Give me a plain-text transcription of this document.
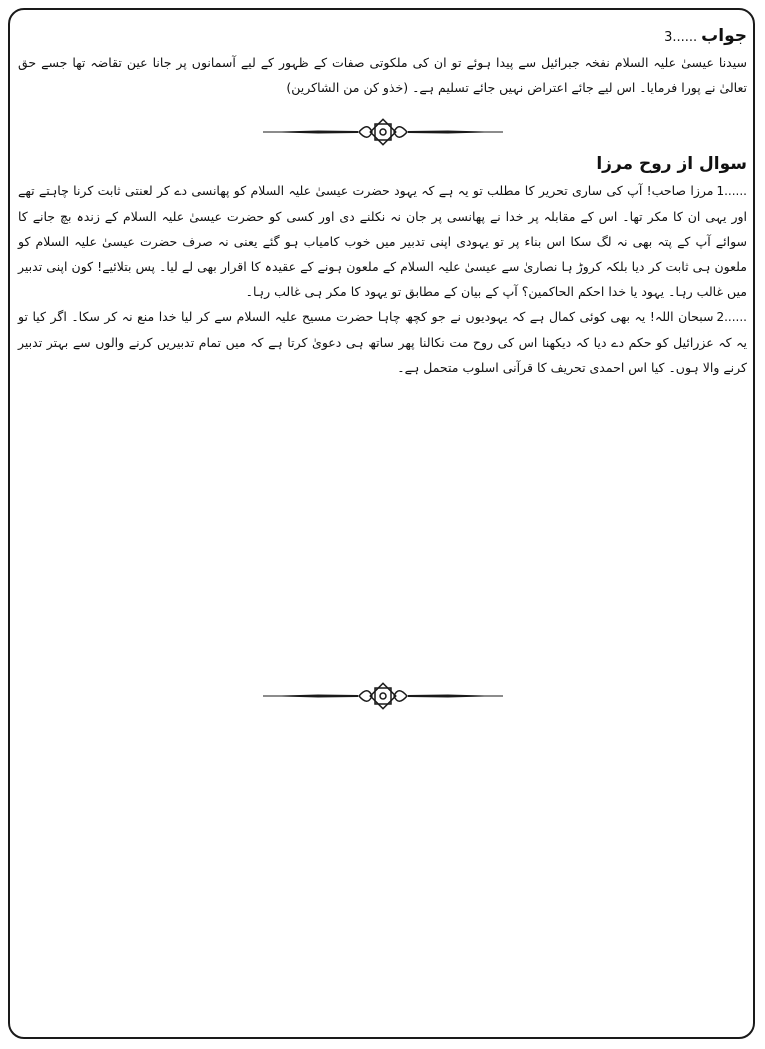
جواب......3

سیدنا عیسیٰ علیہ السلام نفخہ جبرائیل سے پیدا ہوئے تو ان کی ملکوتی صفات کے ظہور کے لیے آسمانوں پر جانا عین تقاضہ تھا جسے حق تعالیٰ نے پورا فرمایا۔ اس لیے جائے اعتراض نہیں جائے تسلیم ہے۔ (خذو کن من الشاکرین)

سوال از روح مرزا

......1مرزا صاحب! آپ کی ساری تحریر کا مطلب تو یہ ہے کہ یہود حضرت عیسیٰ علیہ السلام کو پھانسی دے کر لعنتی ثابت کرنا چاہتے تھے اور یہی ان کا مکر تھا۔ اس کے مقابلہ پر خدا نے پھانسی پر جان نہ نکلنے دی اور کسی کو حضرت عیسیٰ علیہ السلام کے زندہ بچ جانے کا سوائے آپ کے پتہ بھی نہ لگ سکا اس بناء پر تو یہودی اپنی تدبیر میں خوب کامیاب ہو گئے یعنی نہ صرف حضرت عیسیٰ علیہ السلام کو ملعون ہی ثابت کر دیا بلکہ کروڑ ہا نصاریٰ سے عیسیٰ علیہ السلام کے ملعون ہونے کے عقیدہ کا اقرار بھی لے لیا۔ پس بتلائیے! کون اپنی تدبیر میں غالب رہا۔ یہود یا خدا احکم الحاکمین؟ آپ کے بیان کے مطابق تو یہود کا مکر ہی غالب رہا۔

......2سبحان اللہ! یہ بھی کوئی کمال ہے کہ یہودیوں نے جو کچھ چاہا حضرت مسیح علیہ السلام سے کر لیا خدا منع نہ کر سکا۔ اگر کیا تو یہ کہ عزرائیل کو حکم دے دیا کہ دیکھنا اس کی روح مت نکالنا پھر ساتھ ہی دعویٰ کرتا ہے کہ میں تمام تدبیریں کرنے والوں سے بہتر تدبیر کرنے والا ہوں۔ کیا اس احمدی تحریف کا قرآنی اسلوب متحمل ہے۔
